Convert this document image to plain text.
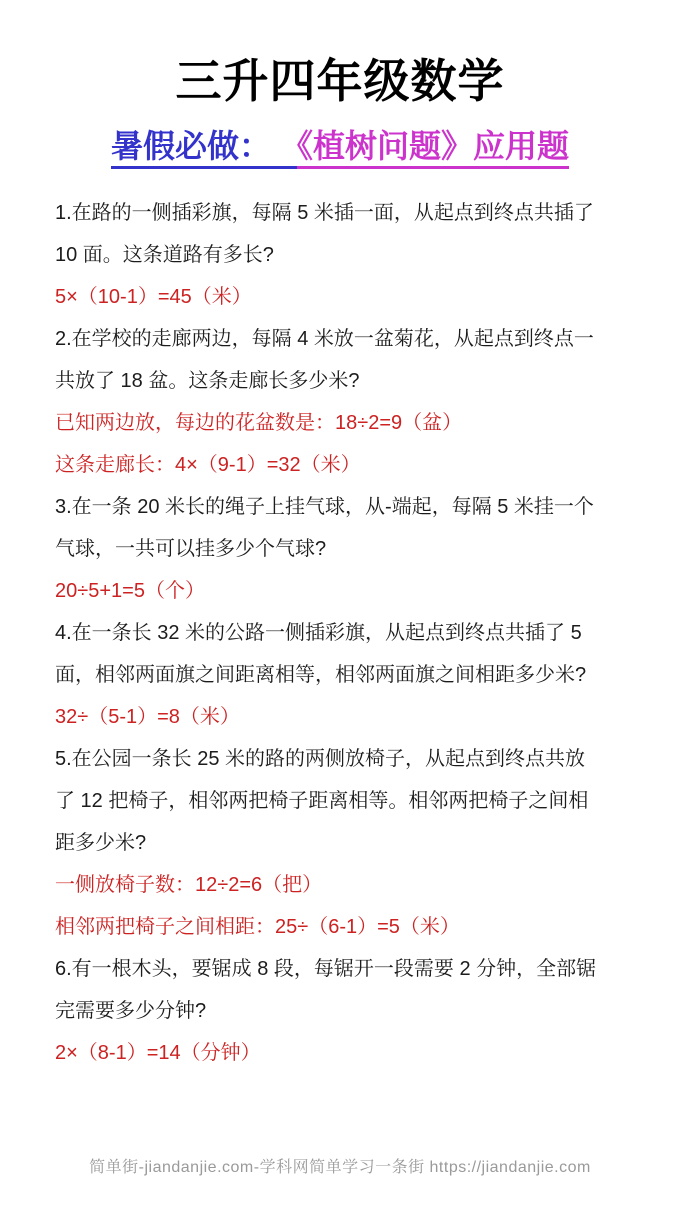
三升四年级数学
暑假必做： 《植树问题》应用题
1.在路的一侧插彩旗，每隔 5 米插一面，从起点到终点共插了
10 面。这条道路有多长?
5×（10-1）=45（米）
2.在学校的走廊两边，每隔 4 米放一盆菊花，从起点到终点一
共放了 18 盆。这条走廊长多少米?
已知两边放，每边的花盆数是：18÷2=9（盆）
这条走廊长：4×（9-1）=32（米）
3.在一条 20 米长的绳子上挂气球，从-端起，每隔 5 米挂一个
气球，一共可以挂多少个气球?
20÷5+1=5（个）
4.在一条长 32 米的公路一侧插彩旗，从起点到终点共插了 5
面，相邻两面旗之间距离相等，相邻两面旗之间相距多少米?
32÷（5-1）=8（米）
5.在公园一条长 25 米的路的两侧放椅子，从起点到终点共放
了 12 把椅子，相邻两把椅子距离相等。相邻两把椅子之间相
距多少米?
一侧放椅子数：12÷2=6（把）
相邻两把椅子之间相距：25÷（6-1）=5（米）
6.有一根木头，要锯成 8 段，每锯开一段需要 2 分钟，全部锯
完需要多少分钟?
2×（8-1）=14（分钟）
简单街-jiandanjie.com-学科网简单学习一条街 https://jiandanjie.com
